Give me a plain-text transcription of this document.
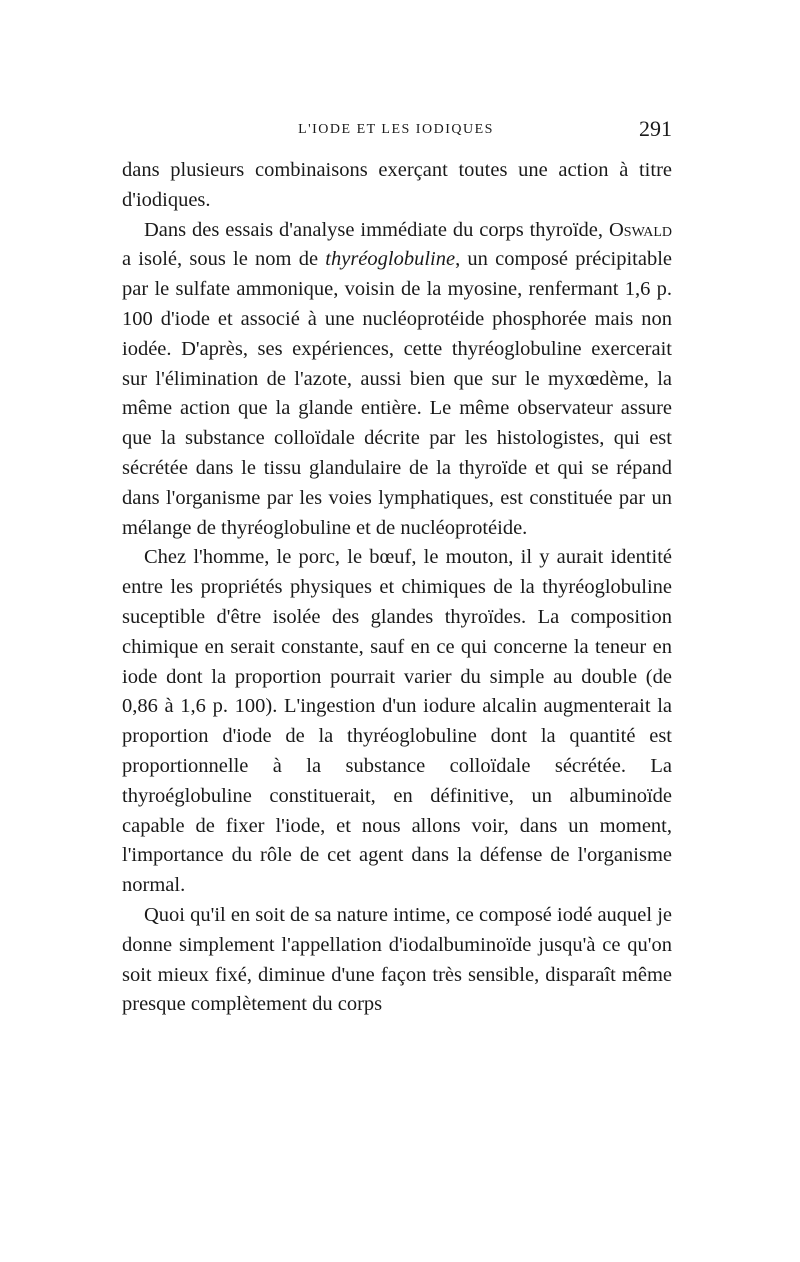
L'IODE ET LES IODIQUES	291

dans plusieurs combinaisons exerçant toutes une action à titre d'iodiques.

Dans des essais d'analyse immédiate du corps thyroïde, Oswald a isolé, sous le nom de thyréoglobuline, un composé précipitable par le sulfate ammonique, voisin de la myosine, renfermant 1,6 p. 100 d'iode et associé à une nucléoprotéide phosphorée mais non iodée. D'après, ses expériences, cette thyréoglobuline exercerait sur l'élimination de l'azote, aussi bien que sur le myxœdème, la même action que la glande entière. Le même observateur assure que la substance colloïdale décrite par les histologistes, qui est sécrétée dans le tissu glandulaire de la thyroïde et qui se répand dans l'organisme par les voies lymphatiques, est constituée par un mélange de thyréoglobuline et de nucléoprotéide.

Chez l'homme, le porc, le bœuf, le mouton, il y aurait identité entre les propriétés physiques et chimiques de la thyréoglobuline suceptible d'être isolée des glandes thyroïdes. La composition chimique en serait constante, sauf en ce qui concerne la teneur en iode dont la proportion pourrait varier du simple au double (de 0,86 à 1,6 p. 100). L'ingestion d'un iodure alcalin augmenterait la proportion d'iode de la thyréoglobuline dont la quantité est proportionnelle à la substance colloïdale sécrétée. La thyroéglobuline constituerait, en définitive, un albuminoïde capable de fixer l'iode, et nous allons voir, dans un moment, l'importance du rôle de cet agent dans la défense de l'organisme normal.

Quoi qu'il en soit de sa nature intime, ce composé iodé auquel je donne simplement l'appellation d'iodalbuminoïde jusqu'à ce qu'on soit mieux fixé, diminue d'une façon très sensible, disparaît même presque complètement du corps
